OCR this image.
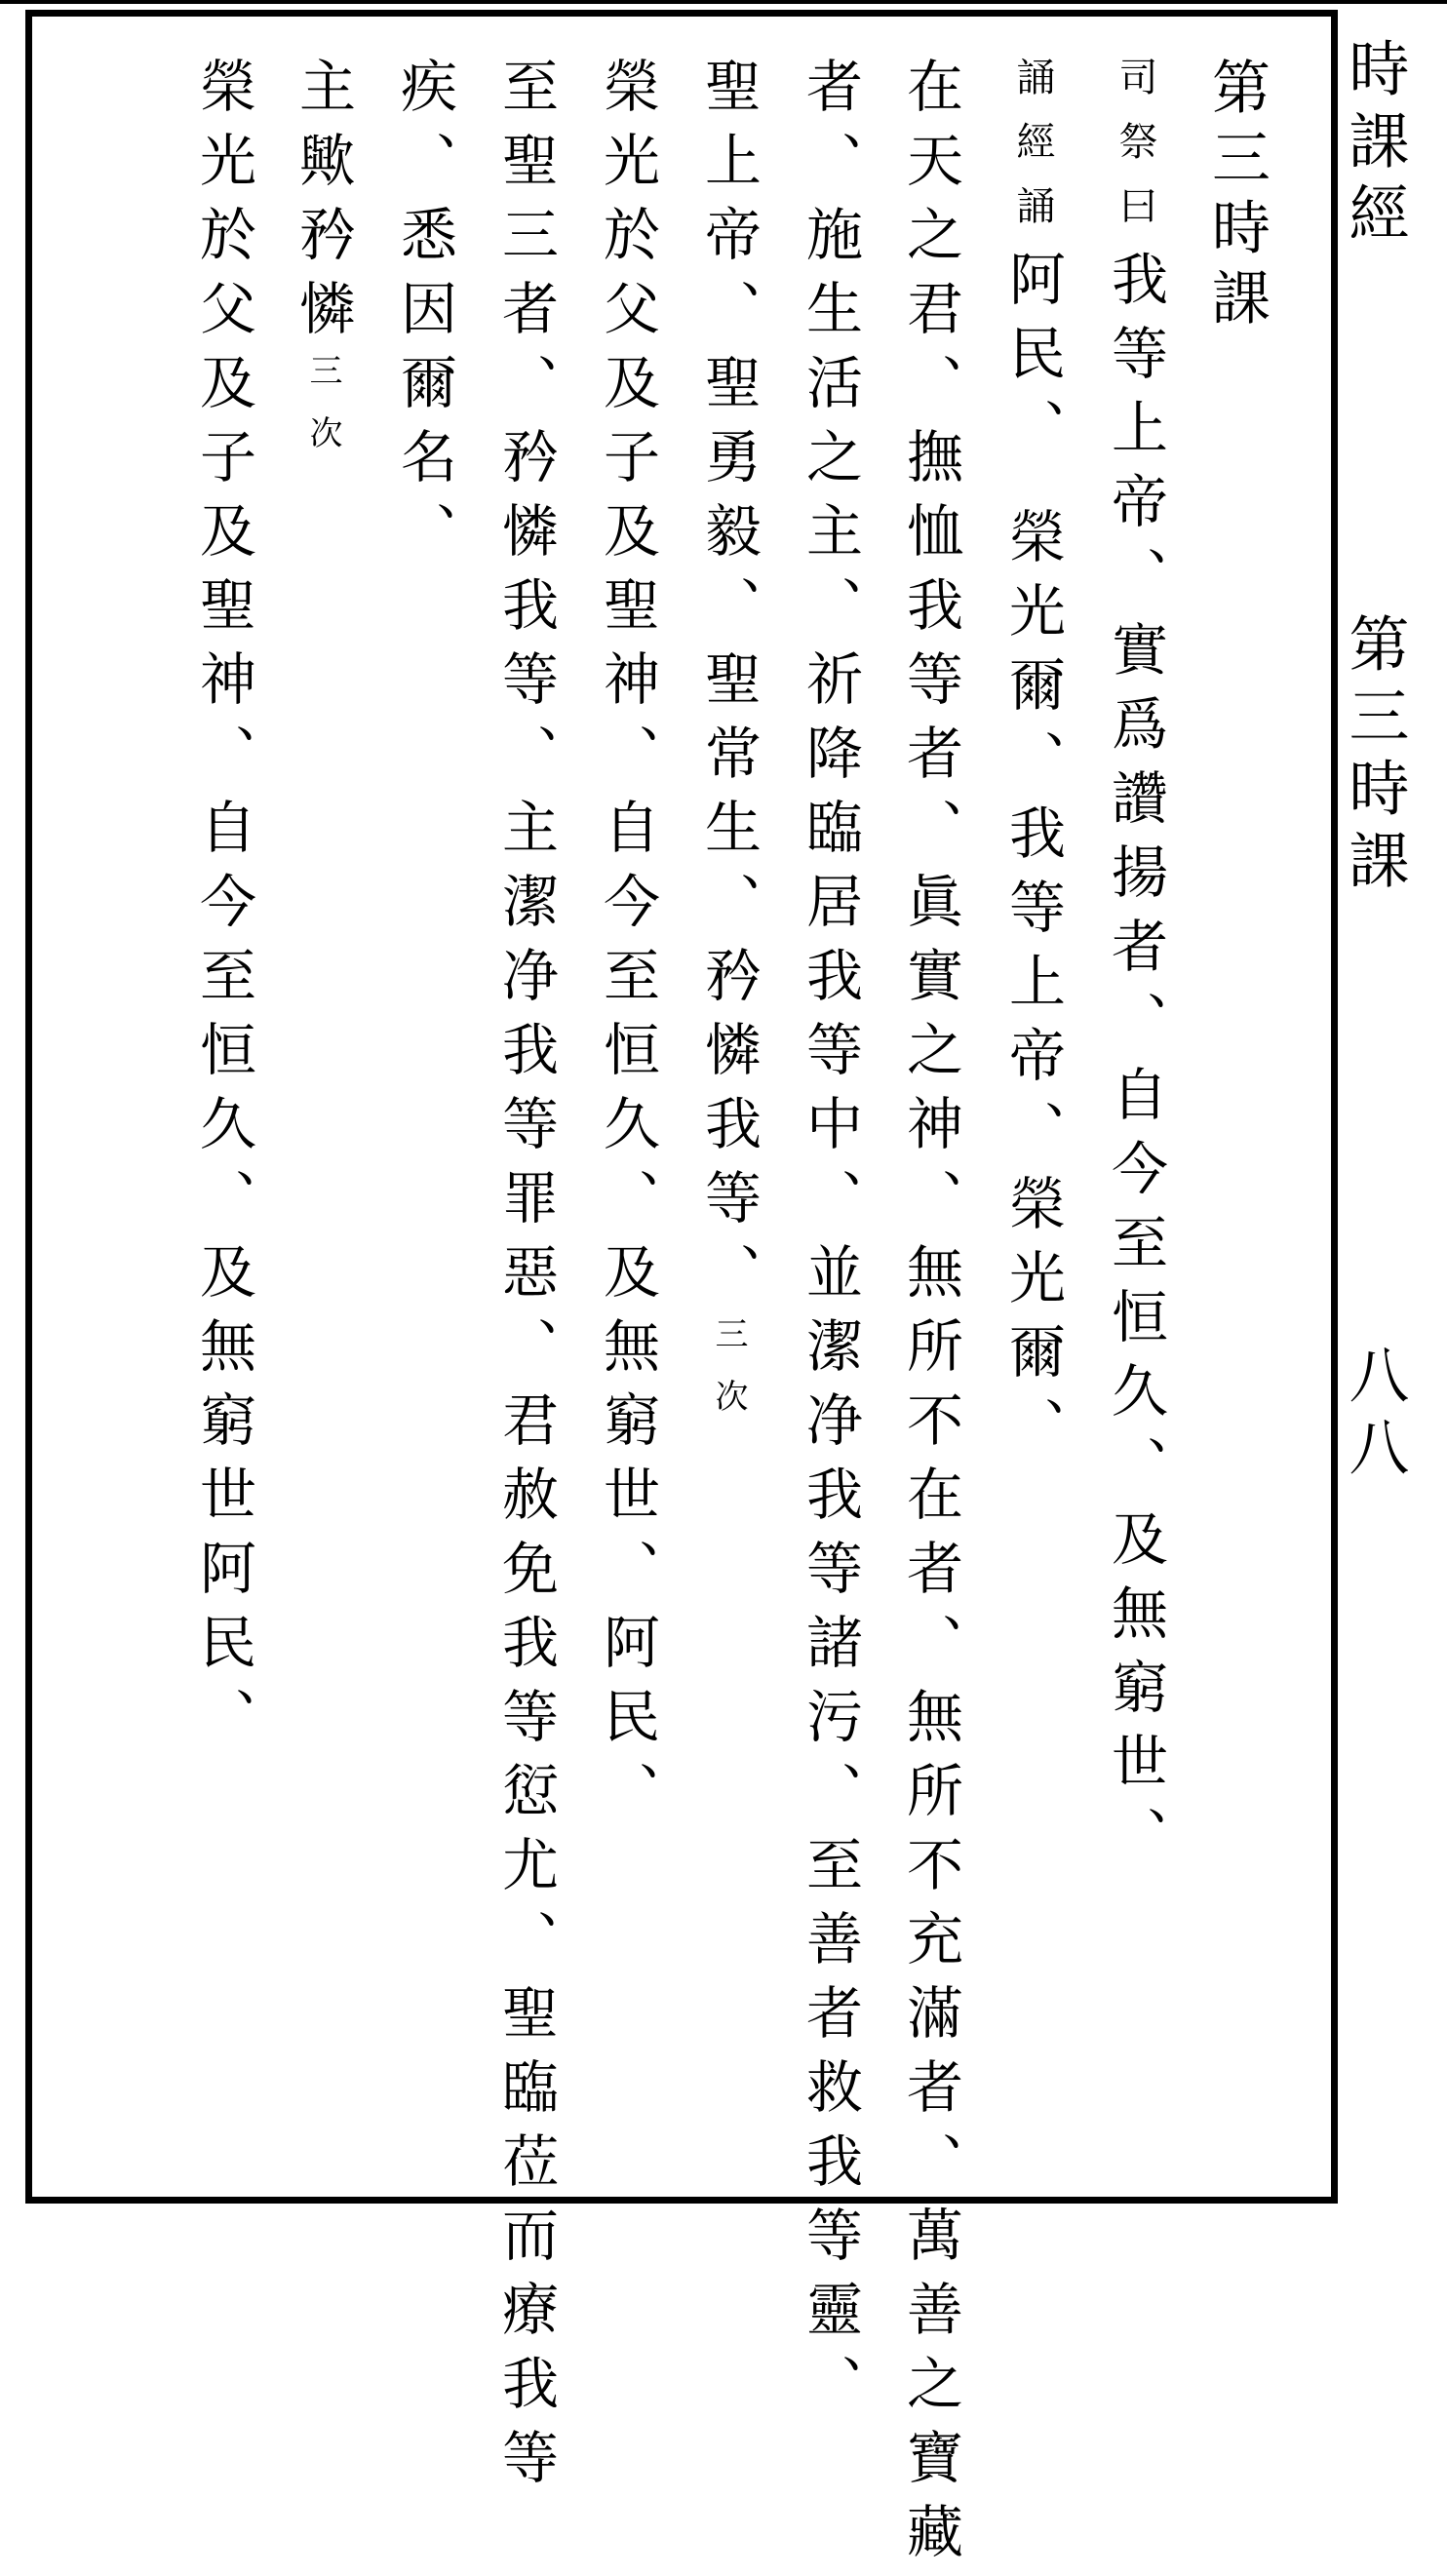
時課經
第三時課
八八
第三時課
司祭曰我等上帝、實爲讚揚者、自今至恒久、及無窮世、
誦經誦阿民、榮光爾、我等上帝、榮光爾、
在天之君、撫恤我等者、眞實之神、無所不在者、無所不充滿者、萬善之寶藏
者、施生活之主、祈降臨居我等中、並潔净我等諸污、至善者救我等靈、
聖上帝、聖勇毅、聖常生、矜憐我等、三次
榮光於父及子及聖神、自今至恒久、及無窮世、阿民、
至聖三者、矜憐我等、主潔净我等罪惡、君赦免我等愆尤、聖臨莅而療我等
疾、悉因爾名、
主歟矜憐三次
榮光於父及子及聖神、自今至恒久、及無窮世阿民、
